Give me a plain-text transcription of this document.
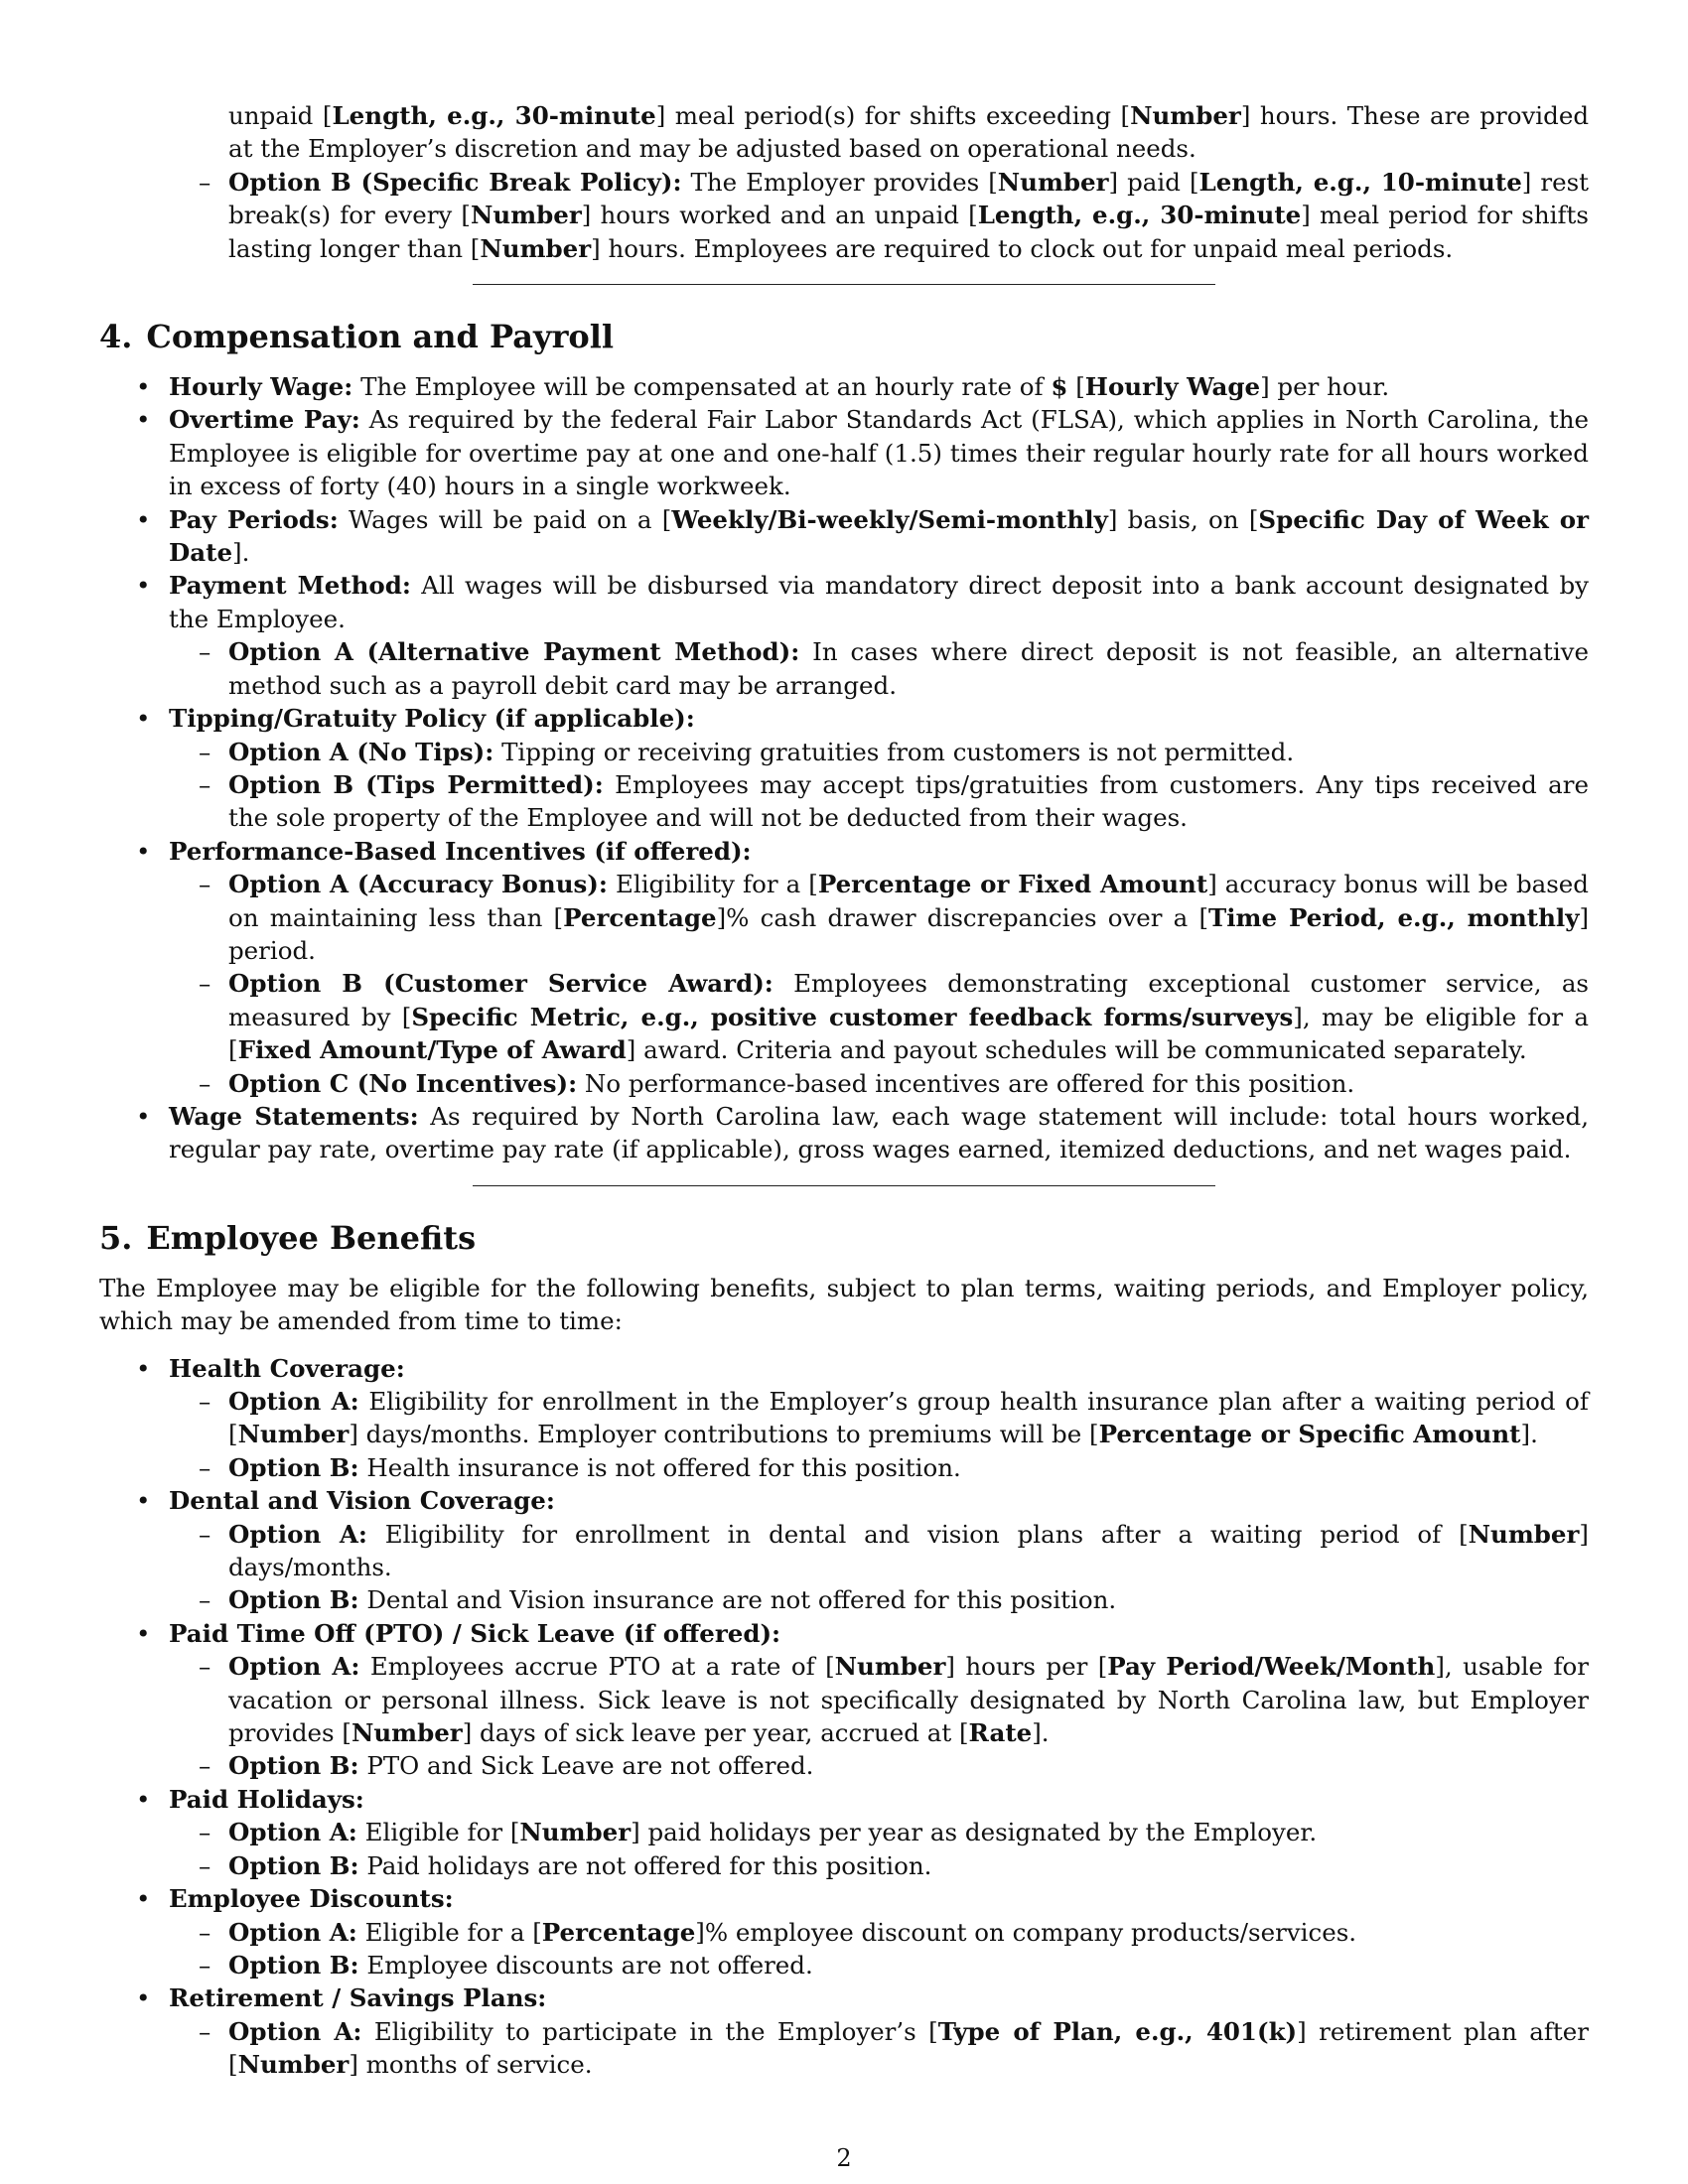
unpaid [Length, e.g., 30-minute] meal period(s) for shifts exceeding [Number] hours. These are provided at the Employer’s discretion and may be adjusted based on operational needs.
– Option B (Specific Break Policy): The Employer provides [Number] paid [Length, e.g., 10-minute] rest break(s) for every [Number] hours worked and an unpaid [Length, e.g., 30-minute] meal period for shifts lasting longer than [Number] hours. Employees are required to clock out for unpaid meal periods.
4. Compensation and Payroll
• Hourly Wage: The Employee will be compensated at an hourly rate of $ [Hourly Wage] per hour.
• Overtime Pay: As required by the federal Fair Labor Standards Act (FLSA), which applies in North Carolina, the Employee is eligible for overtime pay at one and one-half (1.5) times their regular hourly rate for all hours worked in excess of forty (40) hours in a single workweek.
• Pay Periods: Wages will be paid on a [Weekly/Bi-weekly/Semi-monthly] basis, on [Specific Day of Week or Date].
• Payment Method: All wages will be disbursed via mandatory direct deposit into a bank account designated by the Employee.
– Option A (Alternative Payment Method): In cases where direct deposit is not feasible, an alternative method such as a payroll debit card may be arranged.
• Tipping/Gratuity Policy (if applicable):
– Option A (No Tips): Tipping or receiving gratuities from customers is not permitted.
– Option B (Tips Permitted): Employees may accept tips/gratuities from customers. Any tips received are the sole property of the Employee and will not be deducted from their wages.
• Performance-Based Incentives (if offered):
– Option A (Accuracy Bonus): Eligibility for a [Percentage or Fixed Amount] accuracy bonus will be based on maintaining less than [Percentage]% cash drawer discrepancies over a [Time Period, e.g., monthly] period.
– Option B (Customer Service Award): Employees demonstrating exceptional customer service, as measured by [Specific Metric, e.g., positive customer feedback forms/surveys], may be eligible for a [Fixed Amount/Type of Award] award. Criteria and payout schedules will be communicated separately.
– Option C (No Incentives): No performance-based incentives are offered for this position.
• Wage Statements: As required by North Carolina law, each wage statement will include: total hours worked, regular pay rate, overtime pay rate (if applicable), gross wages earned, itemized deductions, and net wages paid.
5. Employee Benefits

The Employee may be eligible for the following benefits, subject to plan terms, waiting periods, and Employer policy, which may be amended from time to time:

• Health Coverage:
– Option A: Eligibility for enrollment in the Employer’s group health insurance plan after a waiting period of [Number] days/months. Employer contributions to premiums will be [Percentage or Specific Amount].
– Option B: Health insurance is not offered for this position.
• Dental and Vision Coverage:
– Option A: Eligibility for enrollment in dental and vision plans after a waiting period of [Number] days/months.
– Option B: Dental and Vision insurance are not offered for this position.
• Paid Time Off (PTO) / Sick Leave (if offered):
– Option A: Employees accrue PTO at a rate of [Number] hours per [Pay Period/Week/Month], usable for vacation or personal illness. Sick leave is not specifically designated by North Carolina law, but Employer provides [Number] days of sick leave per year, accrued at [Rate].
– Option B: PTO and Sick Leave are not offered.
• Paid Holidays:
– Option A: Eligible for [Number] paid holidays per year as designated by the Employer.
– Option B: Paid holidays are not offered for this position.
• Employee Discounts:
– Option A: Eligible for a [Percentage]% employee discount on company products/services.
– Option B: Employee discounts are not offered.
• Retirement / Savings Plans:
– Option A: Eligibility to participate in the Employer’s [Type of Plan, e.g., 401(k)] retirement plan after [Number] months of service.
2
